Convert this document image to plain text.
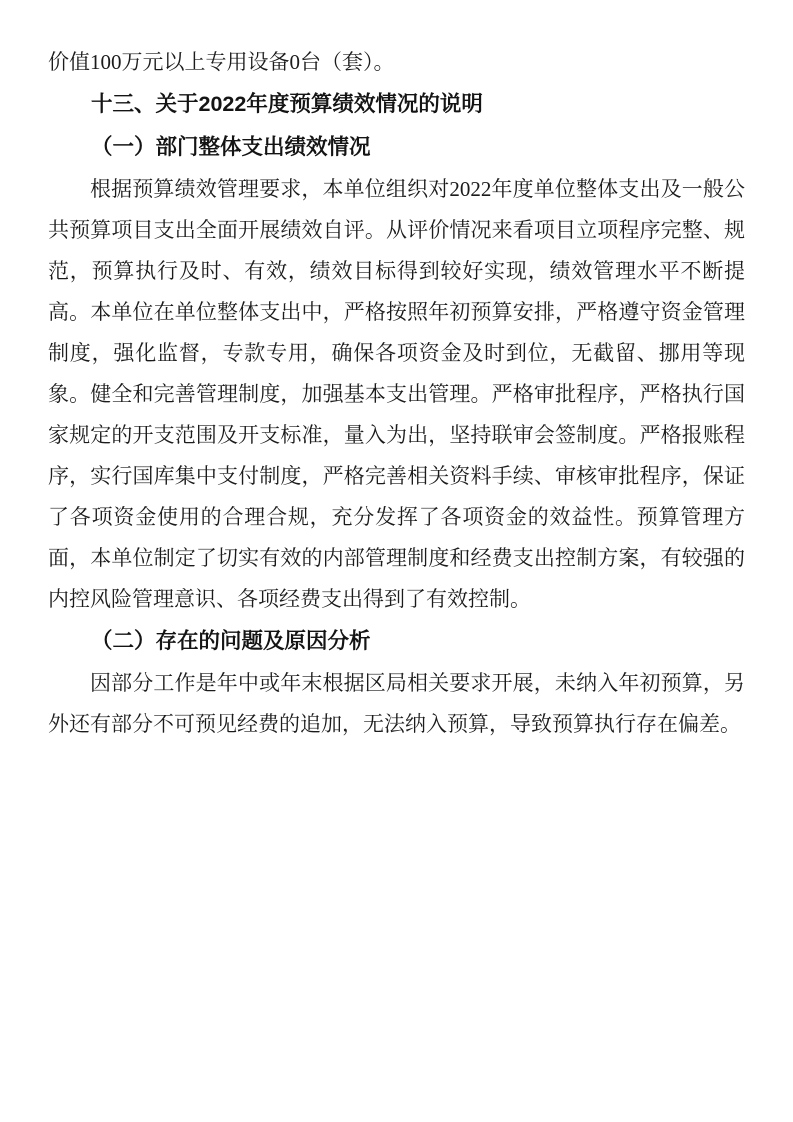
价值100万元以上专用设备0台（套）。

十三、关于2022年度预算绩效情况的说明
（一）部门整体支出绩效情况

根据预算绩效管理要求，本单位组织对2022年度单位整体支出及一般公共预算项目支出全面开展绩效自评。从评价情况来看项目立项程序完整、规范，预算执行及时、有效，绩效目标得到较好实现，绩效管理水平不断提高。本单位在单位整体支出中，严格按照年初预算安排，严格遵守资金管理制度，强化监督，专款专用，确保各项资金及时到位，无截留、挪用等现象。健全和完善管理制度，加强基本支出管理。严格审批程序，严格执行国家规定的开支范围及开支标准，量入为出，坚持联审会签制度。严格报账程序，实行国库集中支付制度，严格完善相关资料手续、审核审批程序，保证了各项资金使用的合理合规，充分发挥了各项资金的效益性。预算管理方面，本单位制定了切实有效的内部管理制度和经费支出控制方案，有较强的内控风险管理意识、各项经费支出得到了有效控制。

（二）存在的问题及原因分析

因部分工作是年中或年末根据区局相关要求开展，未纳入年初预算，另外还有部分不可预见经费的追加，无法纳入预算，导致预算执行存在偏差。
